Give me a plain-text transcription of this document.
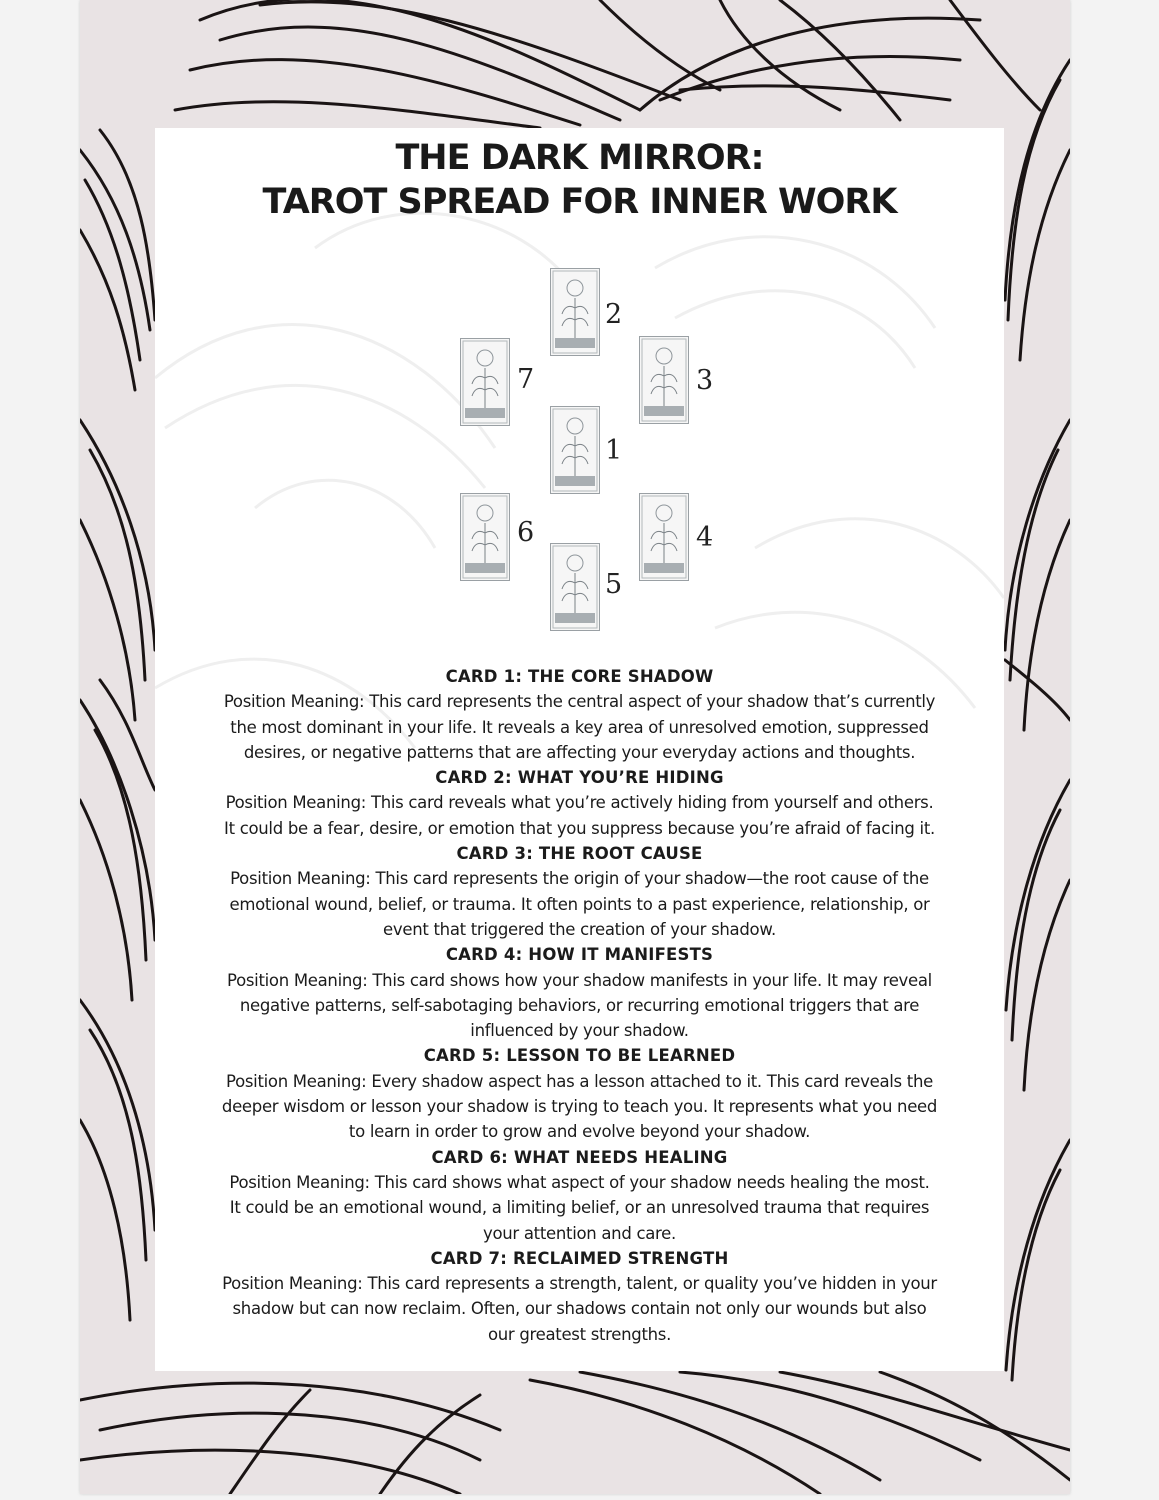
THE DARK MIRROR:
TAROT SPREAD FOR INNER WORK
1
2
3
4
5
6
7

CARD 1: THE CORE SHADOW

Position Meaning: This card represents the central aspect of your shadow that’s currently

the most dominant in your life. It reveals a key area of unresolved emotion, suppressed

desires, or negative patterns that are affecting your everyday actions and thoughts.

CARD 2: WHAT YOU’RE HIDING

Position Meaning: This card reveals what you’re actively hiding from yourself and others.

It could be a fear, desire, or emotion that you suppress because you’re afraid of facing it.

CARD 3: THE ROOT CAUSE

Position Meaning: This card represents the origin of your shadow—the root cause of the

emotional wound, belief, or trauma. It often points to a past experience, relationship, or

event that triggered the creation of your shadow.

CARD 4: HOW IT MANIFESTS

Position Meaning: This card shows how your shadow manifests in your life. It may reveal

negative patterns, self-sabotaging behaviors, or recurring emotional triggers that are

influenced by your shadow.

CARD 5: LESSON TO BE LEARNED

Position Meaning: Every shadow aspect has a lesson attached to it. This card reveals the

deeper wisdom or lesson your shadow is trying to teach you. It represents what you need

to learn in order to grow and evolve beyond your shadow.

CARD 6: WHAT NEEDS HEALING

Position Meaning: This card shows what aspect of your shadow needs healing the most.

It could be an emotional wound, a limiting belief, or an unresolved trauma that requires

your attention and care.

CARD 7: RECLAIMED STRENGTH

Position Meaning: This card represents a strength, talent, or quality you’ve hidden in your

shadow but can now reclaim. Often, our shadows contain not only our wounds but also

our greatest strengths.
